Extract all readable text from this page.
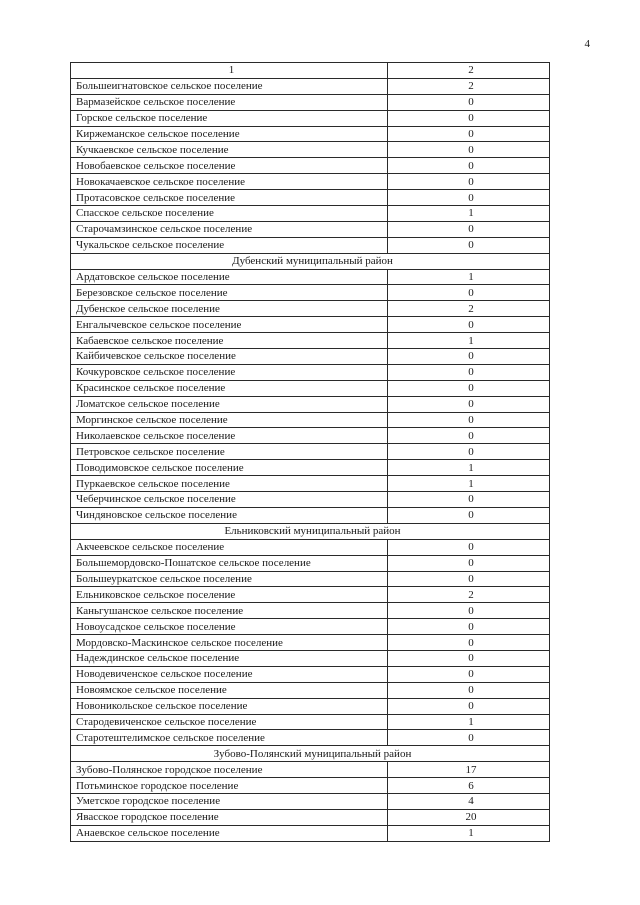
4
1	2
Большеигнатовское сельское поселение	2
Вармазейское сельское поселение	0
Горское сельское поселение	0
Киржеманское сельское поселение	0
Кучкаевское сельское поселение	0
Новобаевское сельское поселение	0
Новокачаевское сельское поселение	0
Протасовское сельское поселение	0
Спасское сельское поселение	1
Старочамзинское сельское поселение	0
Чукальское сельское поселение	0
Дубенский муниципальный район	
Ардатовское сельское поселение	1
Березовское сельское поселение	0
Дубенское сельское поселение	2
Енгалычевское сельское поселение	0
Кабаевское сельское поселение	1
Кайбичевское сельское поселение	0
Кочкуровское сельское поселение	0
Красинское сельское поселение	0
Ломатское сельское поселение	0
Моргинское сельское поселение	0
Николаевское сельское поселение	0
Петровское сельское поселение	0
Поводимовское сельское поселение	1
Пуркаевское сельское поселение	1
Чеберчинское сельское поселение	0
Чиндяновское сельское поселение	0
Ельниковский муниципальный район	
Акчеевское сельское поселение	0
Большемордовско-Пошатское сельское поселение	0
Большеуркатское сельское поселение	0
Ельниковское сельское поселение	2
Каньгушанское сельское поселение	0
Новоусадское сельское поселение	0
Мордовско-Маскинское сельское поселение	0
Надеждинское сельское поселение	0
Новодевиченское сельское поселение	0
Новоямское сельское поселение	0
Новоникольское сельское поселение	0
Стародевиченское сельское поселение	1
Старотештелимское сельское поселение	0
Зубово-Полянский муниципальный район	
Зубово-Полянское городское поселение	17
Потьминское городское поселение	6
Уметское городское поселение	4
Явасское городское поселение	20
Анаевское сельское поселение	1
